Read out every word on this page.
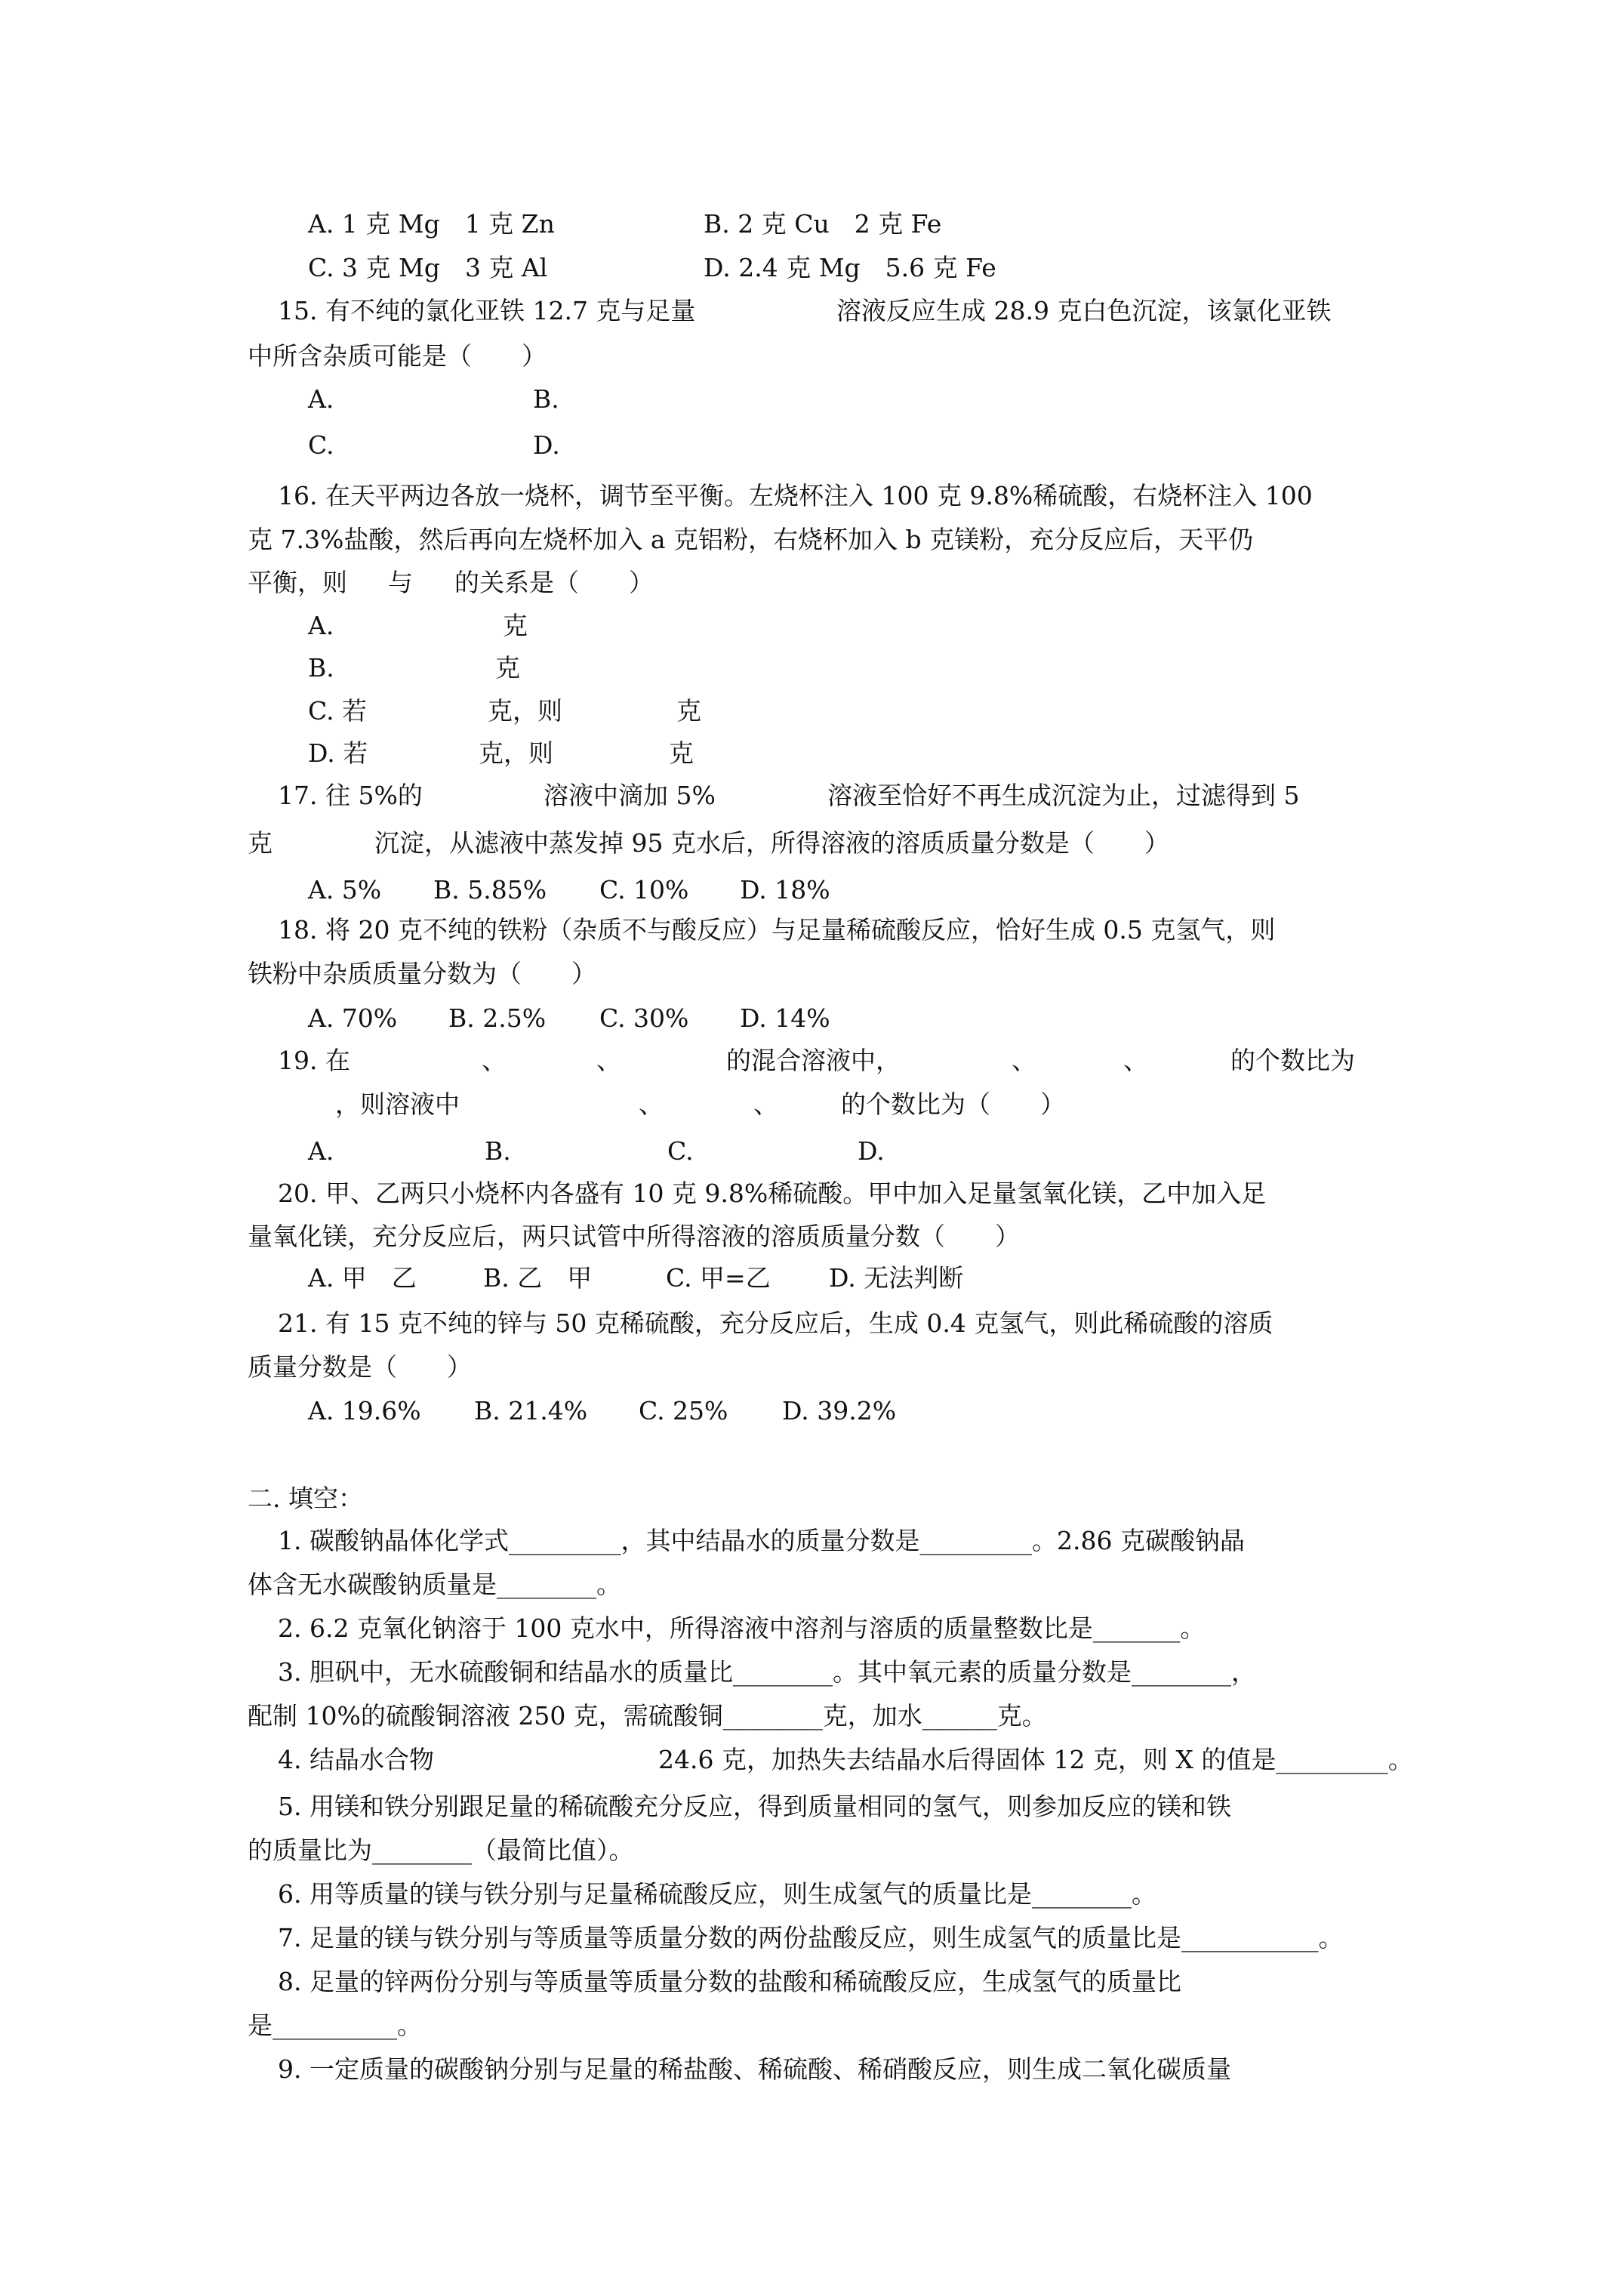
A. 1 克 Mg　1 克 Zn	B. 2 克 Cu　2 克 Fe
C. 3 克 Mg　3 克 Al	D. 2.4 克 Mg　5.6 克 Fe
15. 有不纯的氯化亚铁 12.7 克与足量	溶液反应生成 28.9 克白色沉淀，该氯化亚铁
中所含杂质可能是（　　）
A.	B.
C.	D.
16. 在天平两边各放一烧杯，调节至平衡。左烧杯注入 100 克 9.8%稀硫酸，右烧杯注入 100
克 7.3%盐酸，然后再向左烧杯加入 a 克铝粉，右烧杯加入 b 克镁粉，充分反应后，天平仍
平衡，则 与 的关系是（　　）
A.	克
B.	克
C. 若	克，则	克
D. 若	克，则	克
17. 往 5%的	溶液中滴加 5%	溶液至恰好不再生成沉淀为止，过滤得到 5
克	沉淀，从滤液中蒸发掉 95 克水后，所得溶液的溶质质量分数是（　　）
A. 5% B. 5.85% C. 10% D. 18%
18. 将 20 克不纯的铁粉（杂质不与酸反应）与足量稀硫酸反应，恰好生成 0.5 克氢气，则
铁粉中杂质质量分数为（　　）
A. 70% B. 2.5% C. 30% D. 14%
19. 在	、	、	的混合溶液中，	、	、	的个数比为
，则溶液中	、	、	的个数比为（　　）
A.	B.	C.	D.
20. 甲、乙两只小烧杯内各盛有 10 克 9.8%稀硫酸。甲中加入足量氢氧化镁，乙中加入足
量氧化镁，充分反应后，两只试管中所得溶液的溶质质量分数（　　）
A. 甲　乙	B. 乙　甲	C. 甲=乙 D. 无法判断
21. 有 15 克不纯的锌与 50 克稀硫酸，充分反应后，生成 0.4 克氢气，则此稀硫酸的溶质
质量分数是（　　）
A. 19.6% B. 21.4% C. 25% D. 39.2%
二. 填空：
1. 碳酸钠晶体化学式_________，其中结晶水的质量分数是_________。2.86 克碳酸钠晶
体含无水碳酸钠质量是________。
2. 6.2 克氧化钠溶于 100 克水中，所得溶液中溶剂与溶质的质量整数比是_______。
3. 胆矾中，无水硫酸铜和结晶水的质量比________。其中氧元素的质量分数是________，
配制 10%的硫酸铜溶液 250 克，需硫酸铜________克，加水______克。
4. 结晶水合物	24.6 克，加热失去结晶水后得固体 12 克，则 X 的值是_________。
5. 用镁和铁分别跟足量的稀硫酸充分反应，得到质量相同的氢气，则参加反应的镁和铁
的质量比为________（最简比值）。
6. 用等质量的镁与铁分别与足量稀硫酸反应，则生成氢气的质量比是________。
7. 足量的镁与铁分别与等质量等质量分数的两份盐酸反应，则生成氢气的质量比是___________。
8. 足量的锌两份分别与等质量等质量分数的盐酸和稀硫酸反应，生成氢气的质量比
是__________。
9. 一定质量的碳酸钠分别与足量的稀盐酸、稀硫酸、稀硝酸反应，则生成二氧化碳质量
